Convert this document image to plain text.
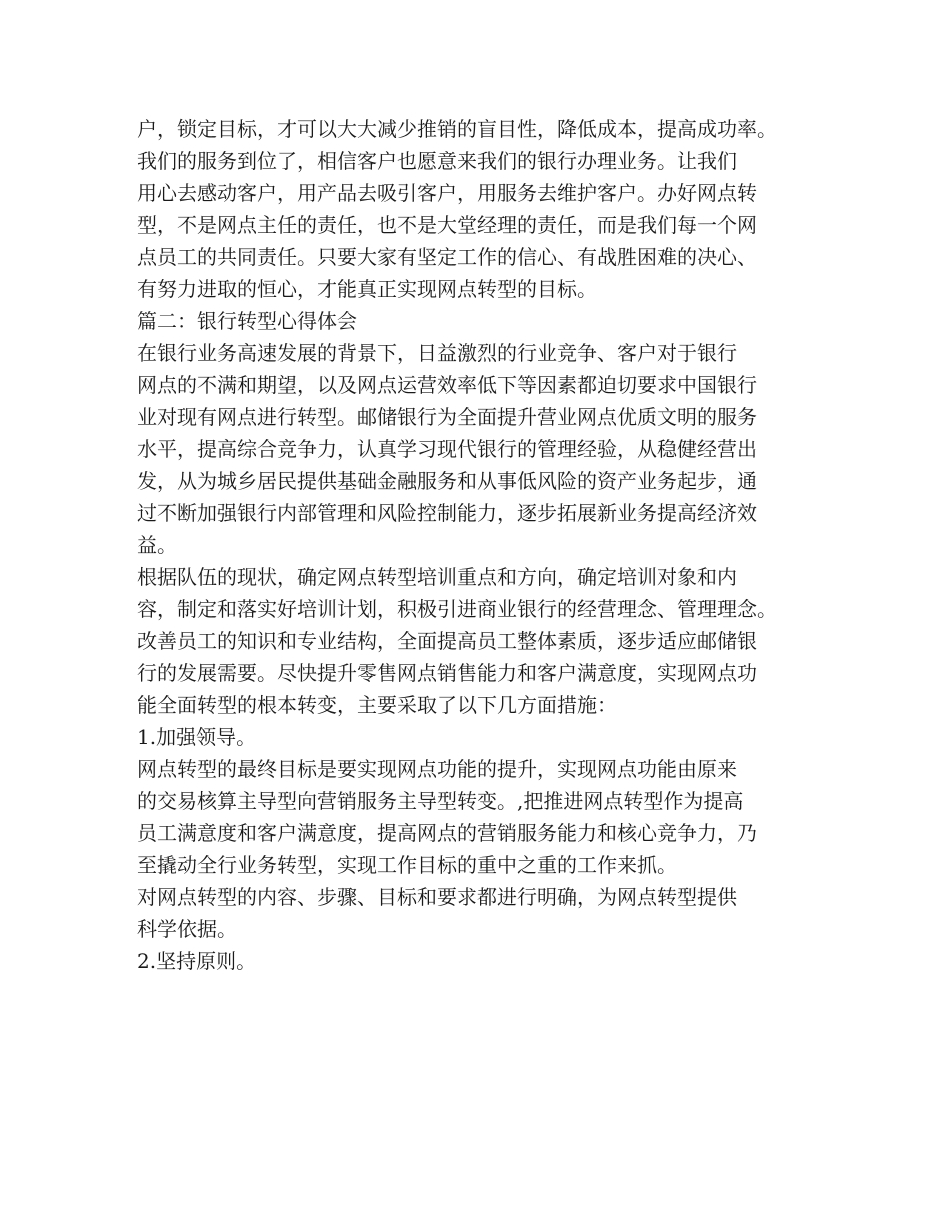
户，锁定目标，才可以大大减少推销的盲目性，降低成本，提高成功率。
我们的服务到位了，相信客户也愿意来我们的银行办理业务。让我们
用心去感动客户，用产品去吸引客户，用服务去维护客户。办好网点转
型，不是网点主任的责任，也不是大堂经理的责任，而是我们每一个网
点员工的共同责任。只要大家有坚定工作的信心、有战胜困难的决心、
有努力进取的恒心，才能真正实现网点转型的目标。
篇二：银行转型心得体会
在银行业务高速发展的背景下，日益激烈的行业竞争、客户对于银行
网点的不满和期望，以及网点运营效率低下等因素都迫切要求中国银行
业对现有网点进行转型。邮储银行为全面提升营业网点优质文明的服务
水平，提高综合竞争力，认真学习现代银行的管理经验，从稳健经营出
发，从为城乡居民提供基础金融服务和从事低风险的资产业务起步，通
过不断加强银行内部管理和风险控制能力，逐步拓展新业务提高经济效
益。
根据队伍的现状，确定网点转型培训重点和方向，确定培训对象和内
容，制定和落实好培训计划，积极引进商业银行的经营理念、管理理念。
改善员工的知识和专业结构，全面提高员工整体素质，逐步适应邮储银
行的发展需要。尽快提升零售网点销售能力和客户满意度，实现网点功
能全面转型的根本转变，主要采取了以下几方面措施：
1.加强领导。
网点转型的最终目标是要实现网点功能的提升，实现网点功能由原来
的交易核算主导型向营销服务主导型转变。,把推进网点转型作为提高
员工满意度和客户满意度，提高网点的营销服务能力和核心竞争力，乃
至撬动全行业务转型，实现工作目标的重中之重的工作来抓。
对网点转型的内容、步骤、目标和要求都进行明确，为网点转型提供
科学依据。
2.坚持原则。
